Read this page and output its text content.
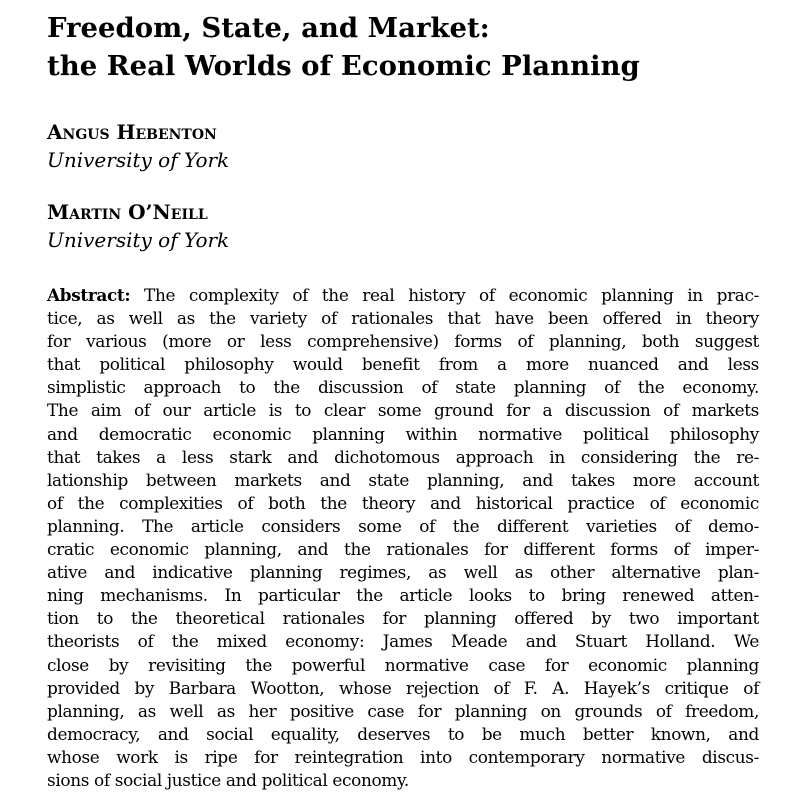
Freedom, State, and Market:
the Real Worlds of Economic Planning

Angus Hebenton

University of York

Martin O’Neill

University of York

Abstract: The complexity of the real history of economic planning in prac-
tice, as well as the variety of rationales that have been offered in theory
for various (more or less comprehensive) forms of planning, both suggest
that political philosophy would benefit from a more nuanced and less
simplistic approach to the discussion of state planning of the economy.
The aim of our article is to clear some ground for a discussion of markets
and democratic economic planning within normative political philosophy
that takes a less stark and dichotomous approach in considering the re-
lationship between markets and state planning, and takes more account
of the complexities of both the theory and historical practice of economic
planning. The article considers some of the different varieties of demo-
cratic economic planning, and the rationales for different forms of imper-
ative and indicative planning regimes, as well as other alternative plan-
ning mechanisms. In particular the article looks to bring renewed atten-
tion to the theoretical rationales for planning offered by two important
theorists of the mixed economy: James Meade and Stuart Holland. We
close by revisiting the powerful normative case for economic planning
provided by Barbara Wootton, whose rejection of F. A. Hayek’s critique of
planning, as well as her positive case for planning on grounds of freedom,
democracy, and social equality, deserves to be much better known, and
whose work is ripe for reintegration into contemporary normative discus-
sions of social justice and political economy.
